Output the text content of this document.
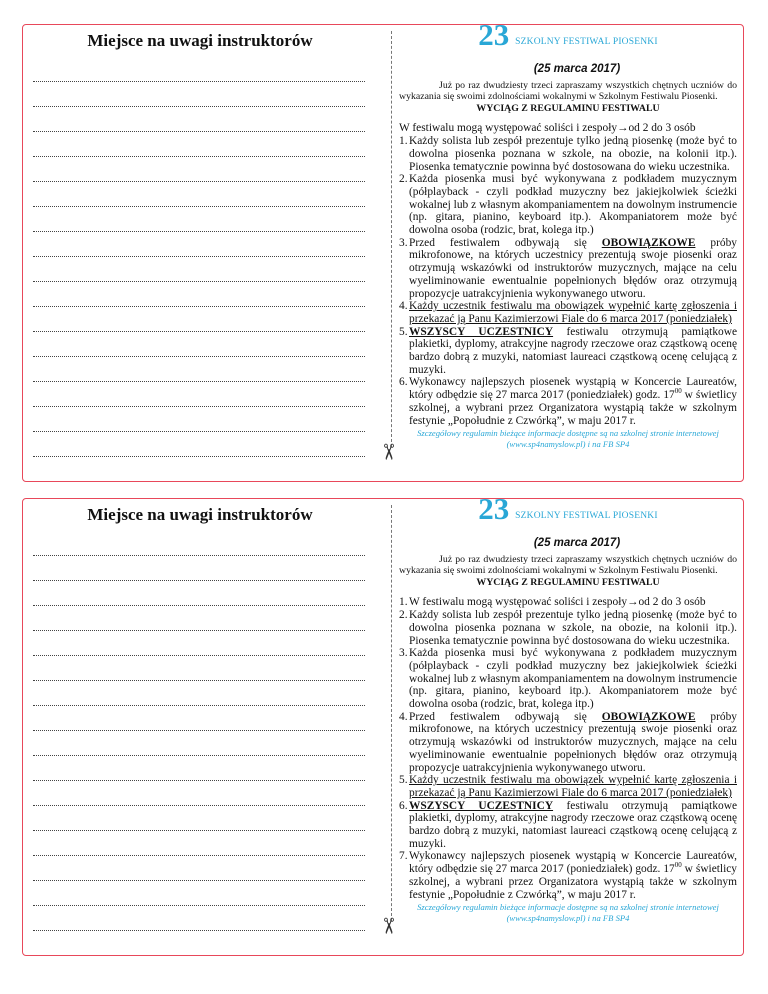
Miejsce na uwagi instruktorów
✂
23 SZKOLNY FESTIWAL PIOSENKI
(25 marca 2017)

Już po raz dwudziesty trzeci zapraszamy wszystkich chętnych uczniów do wykazania się swoimi zdolnościami wokalnymi w Szkolnym Festiwalu Piosenki.

WYCIĄG Z REGULAMINU FESTIWALU

W festiwalu mogą występować soliści i zespoły→od 2 do 3 osób

1. Każdy solista lub zespół prezentuje tylko jedną piosenkę (może być to dowolna piosenka poznana w szkole, na obozie, na kolonii itp.). Piosenka tematycznie powinna być dostosowana do wieku uczestnika.
2. Każda piosenka musi być wykonywana z podkładem muzycznym (półplayback - czyli podkład muzyczny bez jakiejkolwiek ścieżki wokalnej lub z własnym akompaniamentem na dowolnym instrumencie (np. gitara, pianino, keyboard itp.). Akompaniatorem może być dowolna osoba (rodzic, brat, kolega itp.)
3. Przed festiwalem odbywają się OBOWIĄZKOWE próby mikrofonowe, na których uczestnicy prezentują swoje piosenki oraz otrzymują wskazówki od instruktorów muzycznych, mające na celu wyeliminowanie ewentualnie popełnionych błędów oraz otrzymują propozycje uatrakcyjnienia wykonywanego utworu.
4. Każdy uczestnik festiwalu ma obowiązek wypełnić kartę zgłoszenia i przekazać ją Panu Kazimierzowi Fiale do 6 marca 2017 (poniedziałek)
5. WSZYSCY UCZESTNICY festiwalu otrzymują pamiątkowe plakietki, dyplomy, atrakcyjne nagrody rzeczowe oraz cząstkową ocenę bardzo dobrą z muzyki, natomiast laureaci cząstkową ocenę celującą z muzyki.
6. Wykonawcy najlepszych piosenek wystąpią w Koncercie Laureatów, który odbędzie się 27 marca 2017 (poniedziałek) godz. $17^{00}$ w świetlicy szkolnej, a wybrani przez Organizatora wystąpią także w szkolnym festynie „Popołudnie z Czwórką”, w maju 2017 r.
Szczegółowy regulamin bieżące informacje dostępne są na szkolnej stronie internetowej (www.sp4namyslow.pl) i na FB SP4
Miejsce na uwagi instruktorów
✂
23 SZKOLNY FESTIWAL PIOSENKI
(25 marca 2017)

Już po raz dwudziesty trzeci zapraszamy wszystkich chętnych uczniów do wykazania się swoimi zdolnościami wokalnymi w Szkolnym Festiwalu Piosenki.

WYCIĄG Z REGULAMINU FESTIWALU
1. W festiwalu mogą występować soliści i zespoły→od 2 do 3 osób
2. Każdy solista lub zespół prezentuje tylko jedną piosenkę (może być to dowolna piosenka poznana w szkole, na obozie, na kolonii itp.). Piosenka tematycznie powinna być dostosowana do wieku uczestnika.
3. Każda piosenka musi być wykonywana z podkładem muzycznym (półplayback - czyli podkład muzyczny bez jakiejkolwiek ścieżki wokalnej lub z własnym akompaniamentem na dowolnym instrumencie (np. gitara, pianino, keyboard itp.). Akompaniatorem może być dowolna osoba (rodzic, brat, kolega itp.)
4. Przed festiwalem odbywają się OBOWIĄZKOWE próby mikrofonowe, na których uczestnicy prezentują swoje piosenki oraz otrzymują wskazówki od instruktorów muzycznych, mające na celu wyeliminowanie ewentualnie popełnionych błędów oraz otrzymują propozycje uatrakcyjnienia wykonywanego utworu.
5. Każdy uczestnik festiwalu ma obowiązek wypełnić kartę zgłoszenia i przekazać ją Panu Kazimierzowi Fiale do 6 marca 2017 (poniedziałek)
6. WSZYSCY UCZESTNICY festiwalu otrzymują pamiątkowe plakietki, dyplomy, atrakcyjne nagrody rzeczowe oraz cząstkową ocenę bardzo dobrą z muzyki, natomiast laureaci cząstkową ocenę celującą z muzyki.
7. Wykonawcy najlepszych piosenek wystąpią w Koncercie Laureatów, który odbędzie się 27 marca 2017 (poniedziałek) godz. $17^{00}$ w świetlicy szkolnej, a wybrani przez Organizatora wystąpią także w szkolnym festynie „Popołudnie z Czwórką”, w maju 2017 r.
Szczegółowy regulamin bieżące informacje dostępne są na szkolnej stronie internetowej (www.sp4namyslow.pl) i na FB SP4
